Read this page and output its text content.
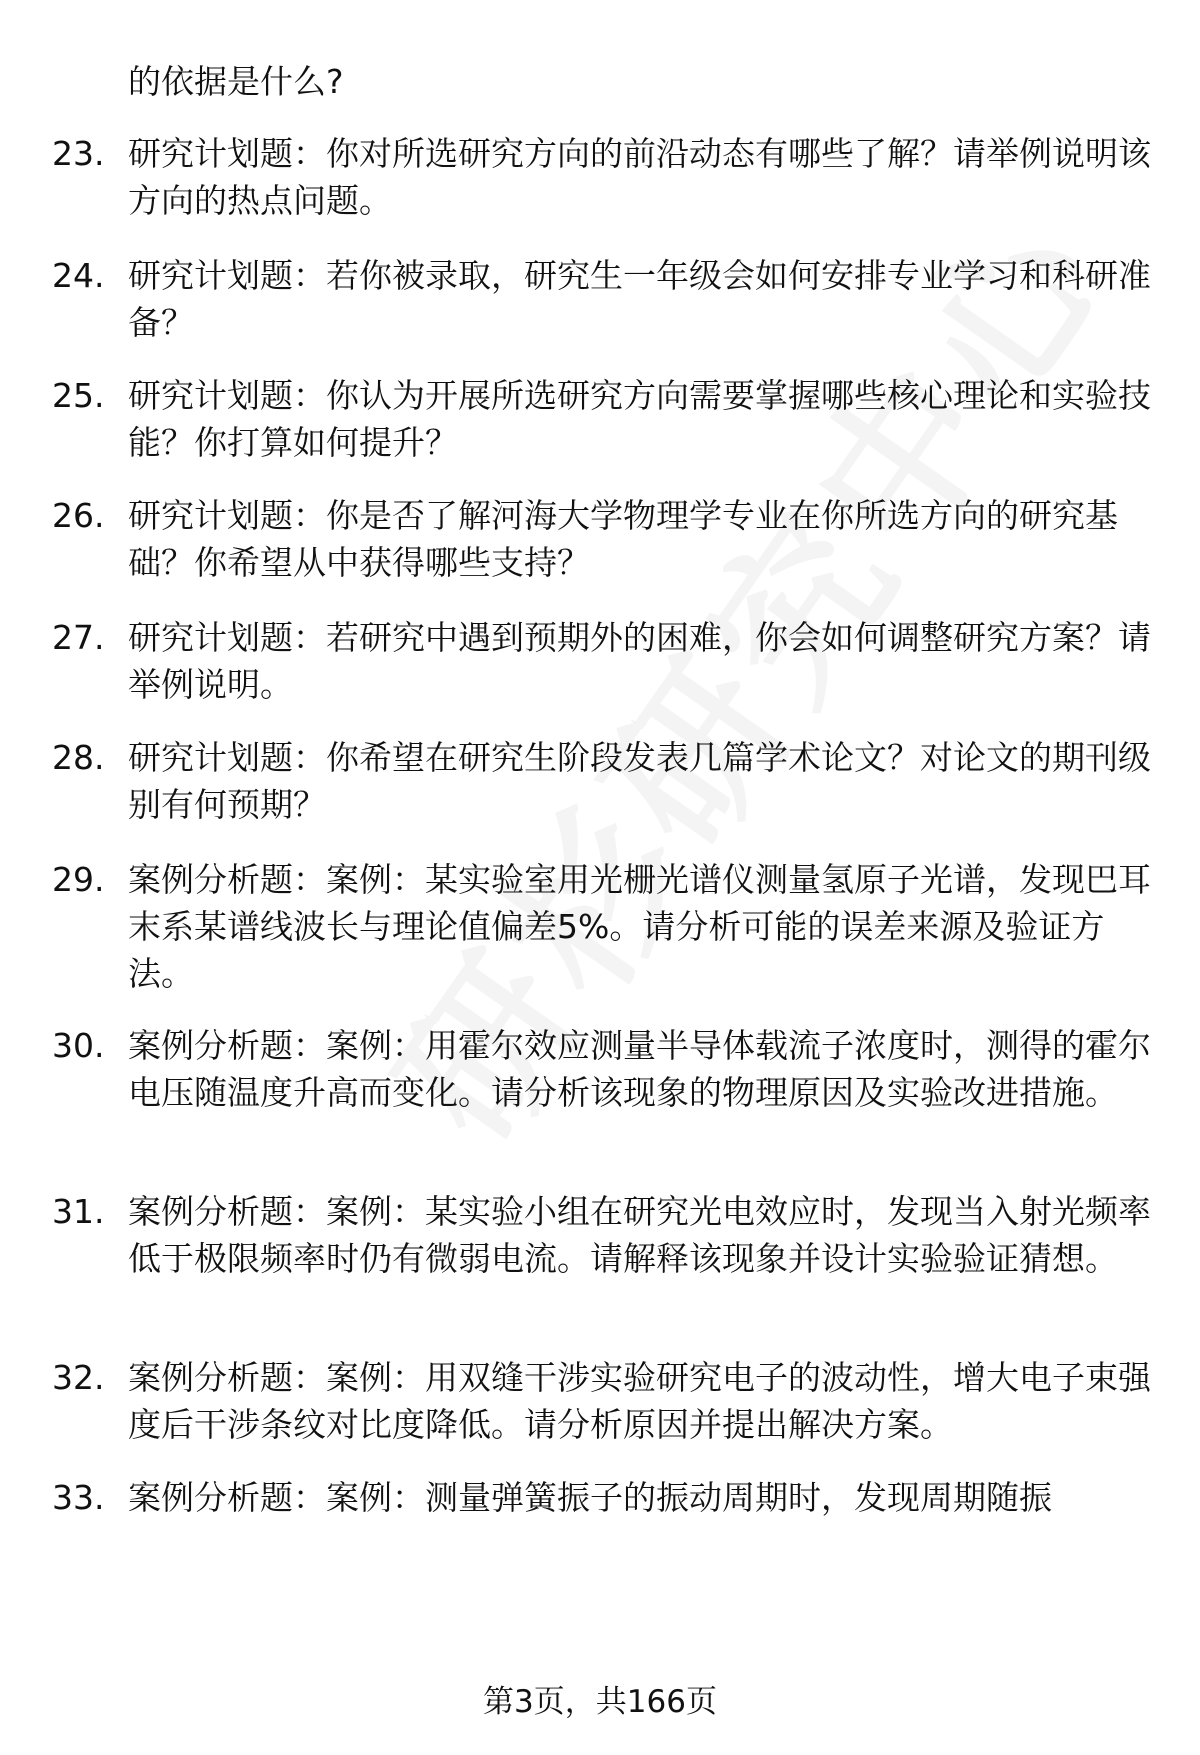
的依据是什么?
23. 研究计划题：你对所选研究方向的前沿动态有哪些了解？请举例说明该方向的热点问题。
24. 研究计划题：若你被录取，研究生一年级会如何安排专业学习和科研准备？
25. 研究计划题：你认为开展所选研究方向需要掌握哪些核心理论和实验技能？你打算如何提升？
26. 研究计划题：你是否了解河海大学物理学专业在你所选方向的研究基础？你希望从中获得哪些支持？
27. 研究计划题：若研究中遇到预期外的困难，你会如何调整研究方案？请举例说明。
28. 研究计划题：你希望在研究生阶段发表几篇学术论文？对论文的期刊级别有何预期？
29. 案例分析题：案例：某实验室用光栅光谱仪测量氢原子光谱，发现巴耳末系某谱线波长与理论值偏差5%。请分析可能的误差来源及验证方法。
30. 案例分析题：案例：用霍尔效应测量半导体载流子浓度时，测得的霍尔电压随温度升高而变化。请分析该现象的物理原因及实验改进措施。
31. 案例分析题：案例：某实验小组在研究光电效应时，发现当入射光频率低于极限频率时仍有微弱电流。请解释该现象并设计实验验证猜想。
32. 案例分析题：案例：用双缝干涉实验研究电子的波动性，增大电子束强度后干涉条纹对比度降低。请分析原因并提出解决方案。
33. 案例分析题：案例：测量弹簧振子的振动周期时，发现周期随振
第3页，共166页
